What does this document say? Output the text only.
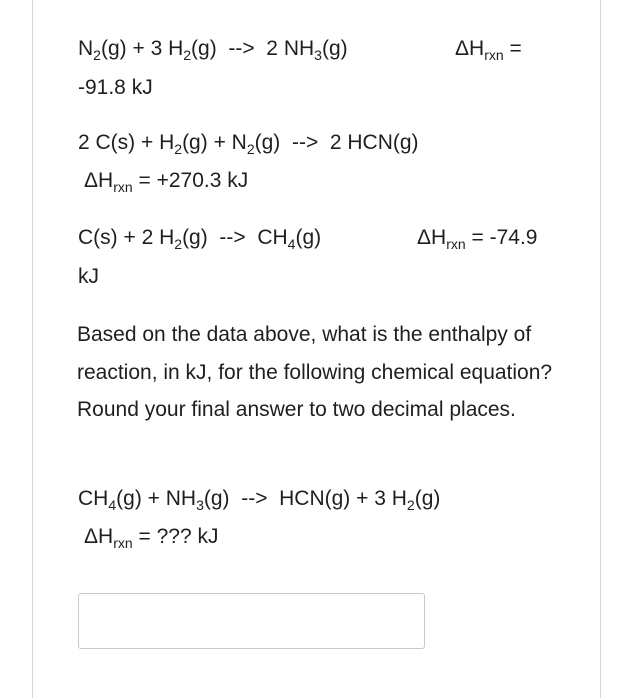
$N_2(g) + 3$ $H_2(g)$  -->  2 $NH_3(g)$	$\Delta H_{rxn}$ =
-91.8 kJ
2 $C(s) + H_2(g) + N_2(g)$  -->  2 HCN(g)
$\Delta H_{rxn} = +270.3$ kJ
C(s) + 2 $H_2(g)$  -->  $CH_4(g)$	$\Delta H_{rxn} = -74.9$
kJ
Based on the data above, what is the enthalpy of reaction, in kJ, for the following chemical equation? Round your final answer to two decimal places.
$CH_4(g) + NH_3(g)$  -->  HCN(g) + 3 $H_2(g)$
$\Delta H_{rxn}$ = ??? kJ
